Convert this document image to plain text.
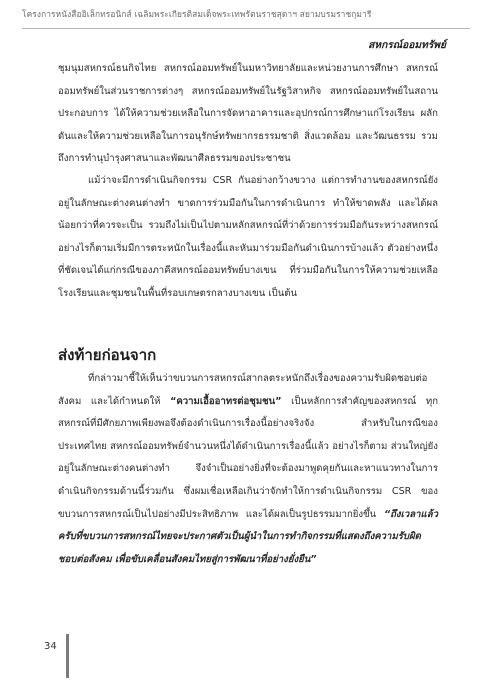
โครงการหนังสืออิเล็กทรอนิกส์ เฉลิมพระเกียรติสมเด็จพระเทพรัตนราชสุดาฯ สยามบรมราชกุมารี
สหกรณ์ออมทรัพย์

ชุมนุมสหกรณ์ธนกิจไทย สหกรณ์ออมทรัพย์ในมหาวิทยาลัยและหน่วยงานการศึกษา สหกรณ์ออมทรัพย์ในส่วนราชการต่างๆ สหกรณ์ออมทรัพย์ในรัฐวิสาหกิจ สหกรณ์ออมทรัพย์ในสถานประกอบการ ได้ให้ความช่วยเหลือในการจัดหาอาคารและอุปกรณ์การศึกษาแก่โรงเรียน ผลักดันและให้ความช่วยเหลือในการอนุรักษ์ทรัพยากรธรรมชาติ สิ่งแวดล้อม และวัฒนธรรม รวมถึงการทำนุบำรุงศาสนาและพัฒนาศีลธรรมของประชาชน

แม้ว่าจะมีการดำเนินกิจกรรม CSR กันอย่างกว้างขวาง แต่การทำงานของสหกรณ์ยังอยู่ในลักษณะต่างคนต่างทำ ขาดการร่วมมือกันในการดำเนินการ ทำให้ขาดพลัง และได้ผลน้อยกว่าที่ควรจะเป็น รวมถึงไม่เป็นไปตามหลักสหกรณ์ที่ว่าด้วยการร่วมมือกันระหว่างสหกรณ์ อย่างไรก็ตามเริ่มมีการตระหนักในเรื่องนี้และหันมาร่วมมือกันดำเนินการบ้างแล้ว ตัวอย่างหนึ่งที่ชัดเจนได้แก่กรณีของภาคีสหกรณ์ออมทรัพย์บางเขน ที่ร่วมมือกันในการให้ความช่วยเหลือโรงเรียนและชุมชนในพื้นที่รอบเกษตรกลางบางเขน เป็นต้น

ส่งท้ายก่อนจาก

ที่กล่าวมาชี้ให้เห็นว่าขบวนการสหกรณ์สากลตระหนักถึงเรื่องของความรับผิดชอบต่อสังคม และได้กำหนดให้ “ความเอื้ออาทรต่อชุมชน” เป็นหลักการสำคัญของสหกรณ์ ทุกสหกรณ์ที่มีศักยภาพเพียงพอจึงต้องดำเนินการเรื่องนี้อย่างจริงจัง สำหรับในกรณีของประเทศไทย สหกรณ์ออมทรัพย์จำนวนหนึ่งได้ดำเนินการเรื่องนี้แล้ว อย่างไรก็ตาม ส่วนใหญ่ยังอยู่ในลักษณะต่างคนต่างทำ จึงจำเป็นอย่างยิ่งที่จะต้องมาพูดคุยกันและหาแนวทางในการดำเนินกิจกรรมด้านนี้ร่วมกัน ซึ่งผมเชื่อเหลือเกินว่าจักทำให้การดำเนินกิจกรรม CSR ของขบวนการสหกรณ์เป็นไปอย่างมีประสิทธิภาพ และได้ผลเป็นรูปธรรมมากยิ่งขึ้น “ถึงเวลาแล้วครับที่ขบวนการสหกรณ์ไทยจะประกาศตัวเป็นผู้นำในการทำกิจกรรมที่แสดงถึงความรับผิดชอบต่อสังคม เพื่อขับเคลื่อนสังคมไทยสู่การพัฒนาที่อย่างยั่งยืน”

34
